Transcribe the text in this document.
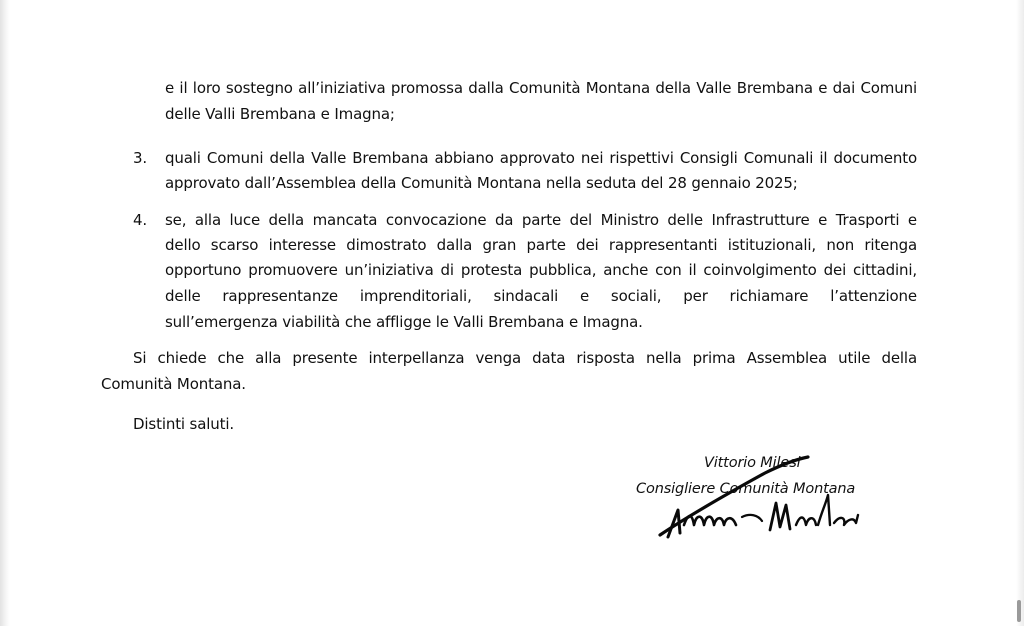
e il loro sostegno all’iniziativa promossa dalla Comunità Montana della Valle Brembana e dai Comuni
delle Valli Brembana e Imagna;
3. quali Comuni della Valle Brembana abbiano approvato nei rispettivi Consigli Comunali il documento
approvato dall’Assemblea della Comunità Montana nella seduta del 28 gennaio 2025;
4. se, alla luce della mancata convocazione da parte del Ministro delle Infrastrutture e Trasporti e
dello scarso interesse dimostrato dalla gran parte dei rappresentanti istituzionali, non ritenga
opportuno promuovere un’iniziativa di protesta pubblica, anche con il coinvolgimento dei cittadini,
delle rappresentanze imprenditoriali, sindacali e sociali, per richiamare l’attenzione
sull’emergenza viabilità che affligge le Valli Brembana e Imagna.
Si chiede che alla presente interpellanza venga data risposta nella prima Assemblea utile della
Comunità Montana.
Distinti saluti.
Vittorio Milesi
Consigliere Comunità Montana
